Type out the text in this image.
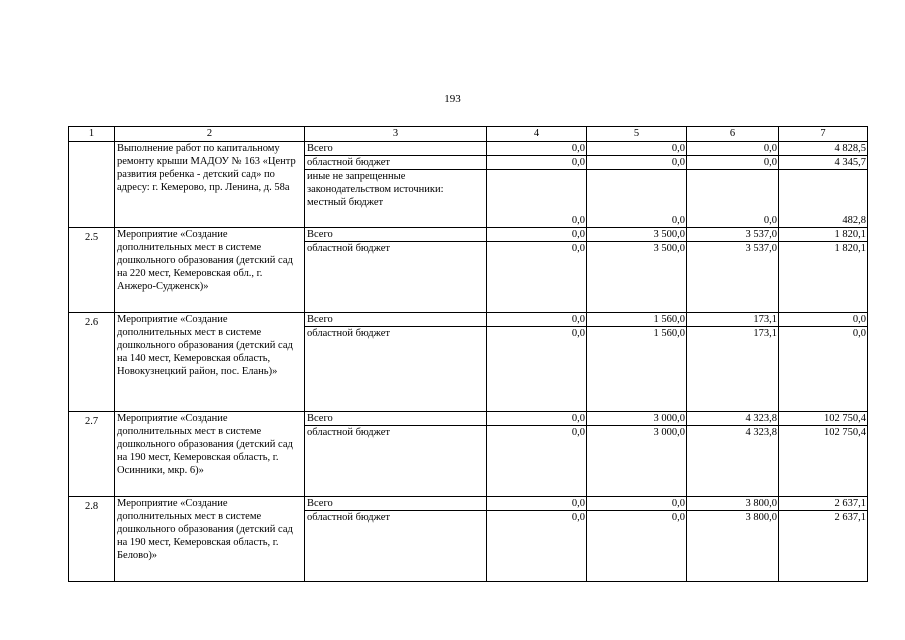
193
1	2	3	4	5	6	7
	Выполнение работ по капитальному ремонту крыши МАДОУ № 163 «Центр развития ребенка - детский сад» по адресу: г. Кемерово, пр. Ленина, д. 58а	Всего	0,0	0,0	0,0	4 828,5
		областной бюджет	0,0	0,0	0,0	4 345,7
		иные не запрещенные законодательством источники: местный бюджет	0,0	0,0	0,0	482,8
2.5	Мероприятие «Создание дополнительных мест в системе дошкольного образования (детский сад на 220 мест, Кемеровская обл., г. Анжеро-Судженск)»	Всего	0,0	3 500,0	3 537,0	1 820,1
		областной бюджет	0,0	3 500,0	3 537,0	1 820,1
2.6	Мероприятие «Создание дополнительных мест в системе дошкольного образования (детский сад на 140 мест, Кемеровская область, Новокузнецкий район, пос. Елань)»	Всего	0,0	1 560,0	173,1	0,0
		областной бюджет	0,0	1 560,0	173,1	0,0
2.7	Мероприятие «Создание дополнительных мест в системе дошкольного образования (детский сад на 190 мест, Кемеровская область, г. Осинники, мкр. 6)»	Всего	0,0	3 000,0	4 323,8	102 750,4
		областной бюджет	0,0	3 000,0	4 323,8	102 750,4
2.8	Мероприятие «Создание дополнительных мест в системе дошкольного образования (детский сад на 190 мест, Кемеровская область, г. Белово)»	Всего	0,0	0,0	3 800,0	2 637,1
		областной бюджет	0,0	0,0	3 800,0	2 637,1
